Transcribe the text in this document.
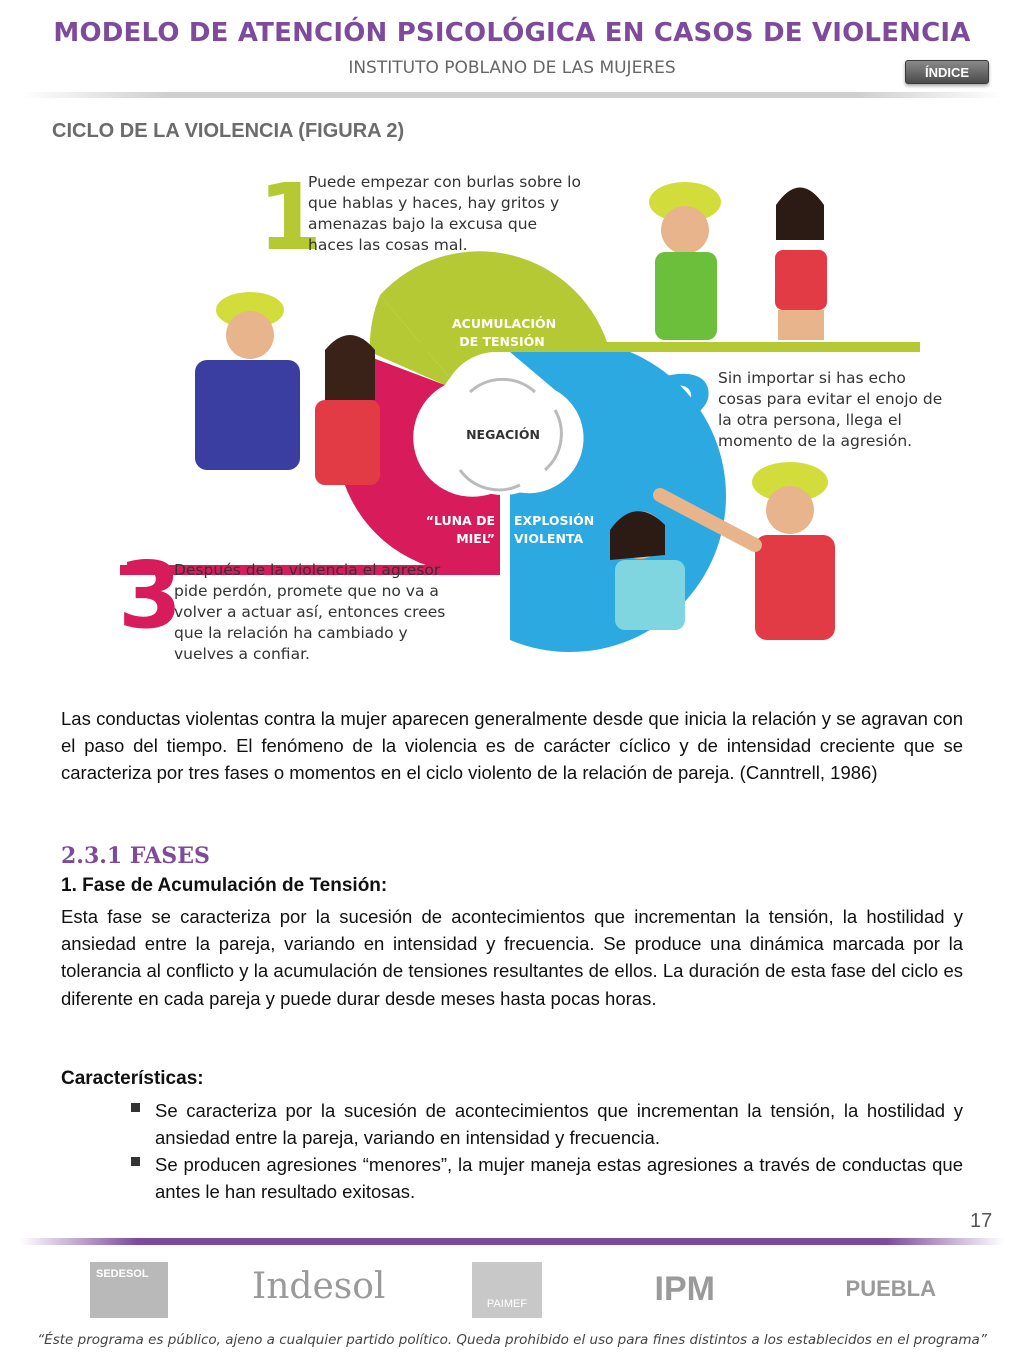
MODELO DE ATENCIÓN PSICOLÓGICA EN CASOS DE VIOLENCIA
INSTITUTO POBLANO DE LAS MUJERES	ÍNDICE
CICLO DE LA VIOLENCIA (FIGURA 2)
1
Puede empezar con burlas sobre lo que hablas y haces, hay gritos y amenazas bajo la excusa que haces las cosas mal.
2 Sin importar si has echo cosas para evitar el enojo de la otra persona, llega el momento de la agresión.
3
Después de la violencia el agresor pide perdón, promete que no va a volver a actuar así, entonces crees que la relación ha cambiado y vuelves a confiar.
ACUMULACIÓN DE TENSIÓN
NEGACIÓN
“LUNA DE MIEL”
EXPLOSIÓN VIOLENTA
Las conductas violentas contra la mujer aparecen generalmente desde que inicia la relación y se agravan con el paso del tiempo. El fenómeno de la violencia es de carácter cíclico y de intensidad creciente que se caracteriza por tres fases o momentos en el ciclo violento de la relación de pareja. (Canntrell, 1986)
2.3.1 FASES
1. Fase de Acumulación de Tensión:
Esta fase se caracteriza por la sucesión de acontecimientos que incrementan la tensión, la hostilidad y ansiedad entre la pareja, variando en intensidad y frecuencia. Se produce una dinámica marcada por la tolerancia al conflicto y la acumulación de tensiones resultantes de ellos. La duración de esta fase del ciclo es diferente en cada pareja y puede durar desde meses hasta pocas horas.
Características:
Se caracteriza por la sucesión de acontecimientos que incrementan la tensión, la hostilidad y ansiedad entre la pareja, variando en intensidad y frecuencia.
Se producen agresiones “menores”, la mujer maneja estas agresiones a través de conductas que antes le han resultado exitosas.
17
SEDESOL	Indesol	PAIMEF	IPM	PUEBLA
“Éste programa es público, ajeno a cualquier partido político. Queda prohibido el uso para fines distintos a los establecidos en el programa”
